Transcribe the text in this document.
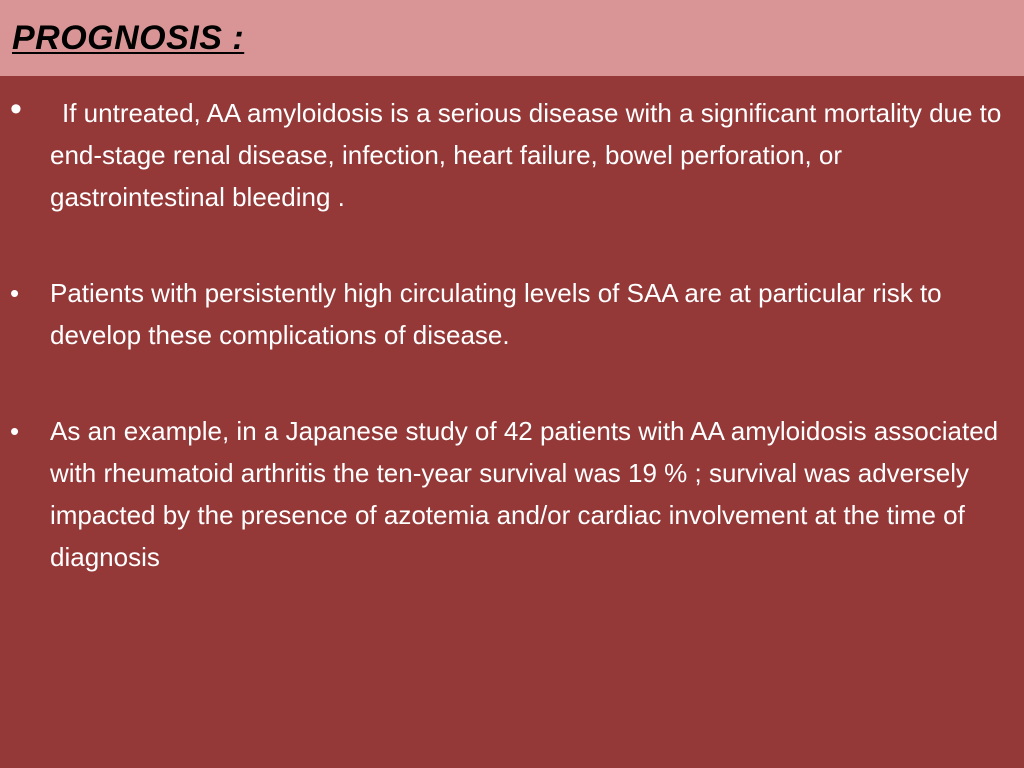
PROGNOSIS :
•	If untreated, AA amyloidosis is a serious disease with a significant mortality due to end-stage renal disease, infection, heart failure, bowel perforation, or gastrointestinal bleeding .
•	Patients with persistently high circulating levels of SAA are at particular risk to develop these complications of disease.
•	As an example, in a Japanese study of 42 patients with AA amyloidosis associated with rheumatoid arthritis the ten-year survival was 19 % ; survival was adversely impacted by the presence of azotemia and/or cardiac involvement at the time of diagnosis
